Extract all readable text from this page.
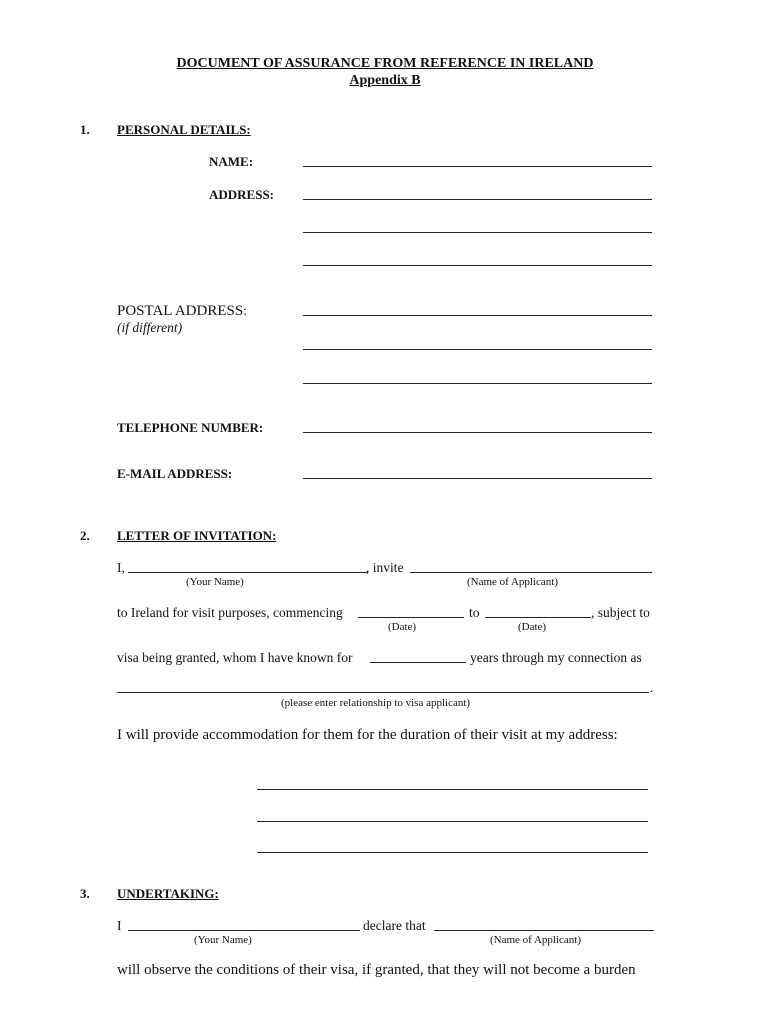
DOCUMENT OF ASSURANCE FROM REFERENCE IN IRELAND
Appendix B
1. PERSONAL DETAILS:
NAME:
ADDRESS:
POSTAL ADDRESS:
(if different)
TELEPHONE NUMBER:
E-MAIL ADDRESS:
2. LETTER OF INVITATION:
I,	, invite
(Your Name)	(Name of Applicant)
to Ireland for visit purposes, commencing	to	, subject to
(Date)	(Date)
visa being granted, whom I have known for	years through my connection as
.
(please enter relationship to visa applicant)
I will provide accommodation for them for the duration of their visit at my address:
3. UNDERTAKING:
I	declare that
(Your Name)	(Name of Applicant)
will observe the conditions of their visa, if granted, that they will not become a burden
